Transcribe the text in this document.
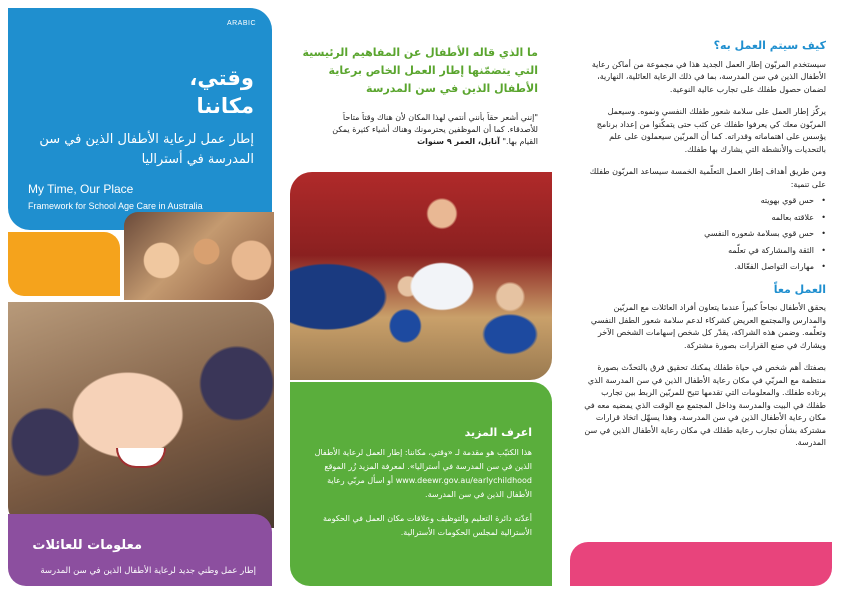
ARABIC
وقتي،
مكاننا
إطار عمل لرعاية الأطفال الذين في سن المدرسة في أستراليا
My Time, Our Place
Framework for School Age Care in Australia
معلومات للعائلات
إطار عمل وطني جديد لرعاية الأطفال الذين في سن المدرسة
ما الذي قاله الأطفال عن المفاهيم الرئيسية التي يتضمّنها إطار العمل الخاص برعاية الأطفال الذين في سن المدرسة
"إنني أشعر حقاً بأنني أنتمي لهذا المكان لأن هناك وقتاً متاحاً للأصدقاء. كما أن الموظفين يحترمونك وهناك أشياء كثيرة يمكن القيام بها." آنابل، العمر ٩ سنوات
اعرف المزيد
هذا الكتيّب هو مقدمة لـ «وقتي، مكاننا: إطار العمل لرعاية الأطفال الذين في سن المدرسة في أستراليا». لمعرفة المزيد زُر الموقع www.deewr.gov.au/earlychildhood أو اسأل مربّي رعاية الأطفال الذين في سن المدرسة.
أعدّته دائرة التعليم والتوظيف وعلاقات مكان العمل في الحكومة الأسترالية لمجلس الحكومات الأسترالية.
كيف سيتم العمل به؟

سيستخدم المربّون إطار العمل الجديد هذا في مجموعة من أماكن رعاية الأطفال الذين في سن المدرسة، بما في ذلك الرعاية العائلية، النهارية، لضمان حصول طفلك على تجارب عالية النوعية.

يركّز إطار العمل على سلامة شعور طفلك النفسي ونموه. وسيعمل المربّون معك كي يعرفوا طفلك عن كثب حتى يتمكّنوا من إعداد برنامج يؤسس على اهتماماته وقدراته. كما أن المربّين سيعملون على علم بالتحديات والأنشطة التي يشارك بها طفلك.

ومن طريق أهداف إطار العمل التعلّمية الخمسة سيساعد المربّون طفلك على تنمية:

• حس قوي بهويته
• علاقته بعالمه
• حس قوي بسلامة شعوره النفسي
• الثقة والمشاركة في تعلّمه
• مهارات التواصل الفعّالة.
العمل معاً

يحقق الأطفال نجاحاً كبيراً عندما يتعاون أفراد العائلات مع المربّين والمدارس والمجتمع العريض كشركاء لدعم سلامة شعور الطفل النفسي وتعلّمه. وضمن هذه الشراكة، يقدّر كل شخص إسهامات الشخص الآخر ويشارك في صنع القرارات بصورة مشتركة.

بصفتك أهم شخص في حياة طفلك يمكنك تحقيق فرق بالتحدّث بصورة منتظمة مع المربّي في مكان رعاية الأطفال الذين في سن المدرسة الذي يرتاده طفلك. والمعلومات التي تقدمها تتيح للمربّين الربط بين تجارب طفلك في البيت والمدرسة وداخل المجتمع مع الوقت الذي يمضيه معه في مكان رعاية الأطفال الذين في سن المدرسة، وهذا يسهّل اتخاذ قرارات مشتركة بشأن تجارب رعاية طفلك في مكان رعاية الأطفال الذين في سن المدرسة.
